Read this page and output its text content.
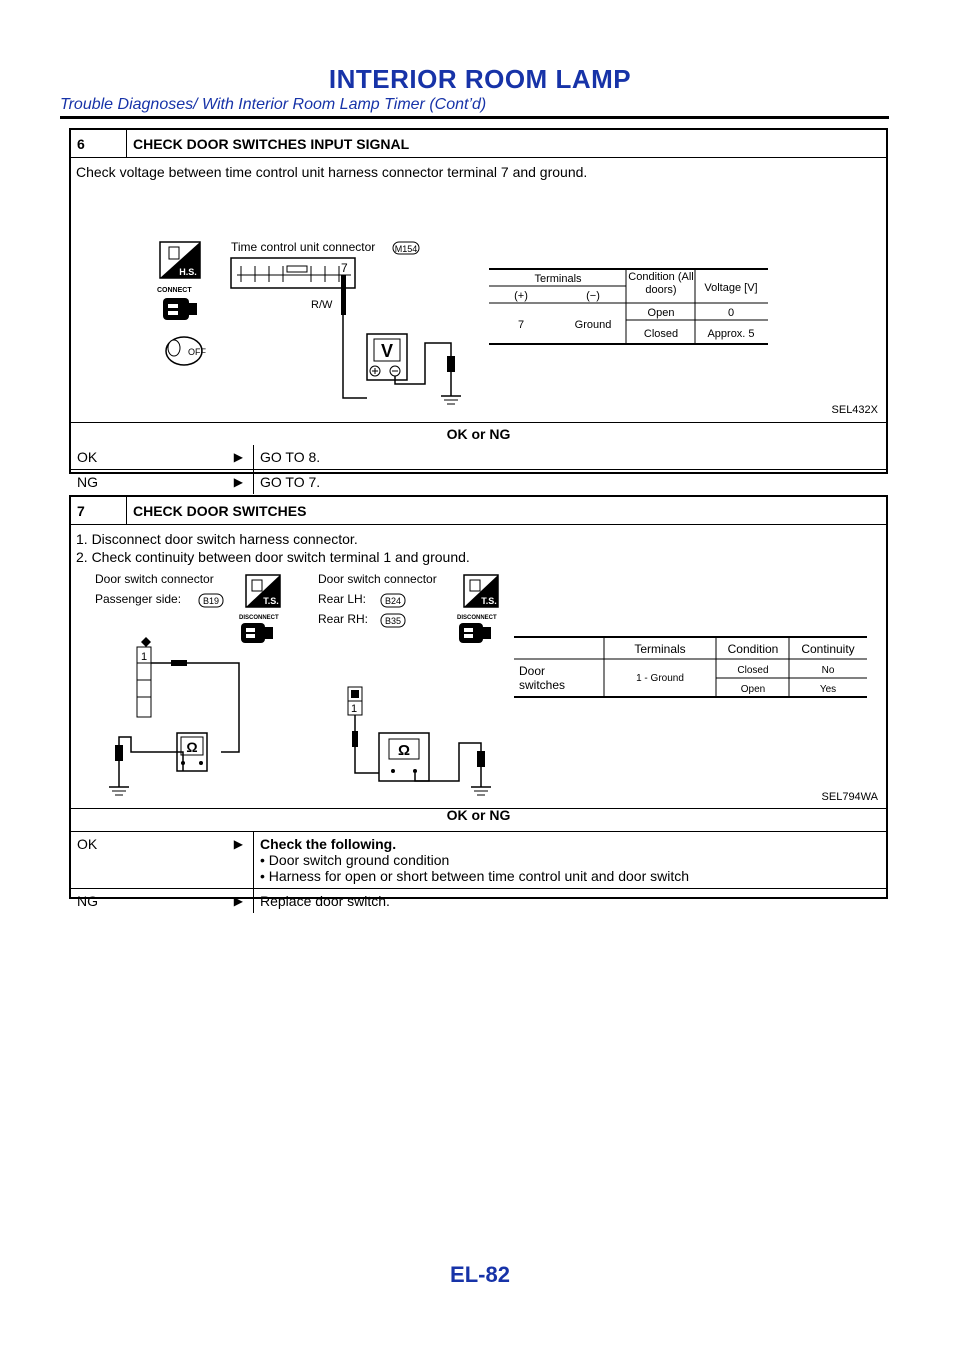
INTERIOR ROOM LAMP
Trouble Diagnoses/ With Interior Room Lamp Timer (Cont’d)
6	CHECK DOOR SWITCHES INPUT SIGNAL
Check voltage between time control unit harness connector terminal 7 and ground.
H.S.
CONNECT
OFF
Time control unit connector M154
7
R/W
V
Terminals	Condition (All doors)	Voltage [V]
(+)	(−)
7	Ground
Open	0
Closed	Approx. 5
SEL432X
OK or NG
OK	▶	GO TO 8.
NG	▶	GO TO 7.
7	CHECK DOOR SWITCHES
1. Disconnect door switch harness connector.
2. Check continuity between door switch terminal 1 and ground.
Door switch connector
Passenger side: B19	T.S.
DISCONNECT
1
Ω
Door switch connector
Rear LH: B24
Rear RH: B35
T.S.
DISCONNECT
1
Ω
Terminals	Condition Continuity
Door
switches	1 - Ground
Closed	No
Open	Yes
SEL794WA
OK or NG
OK	▶ Check the following.
• Door switch ground condition
• Harness for open or short between time control unit and door switch
NG	▶	Replace door switch.
EL-82
